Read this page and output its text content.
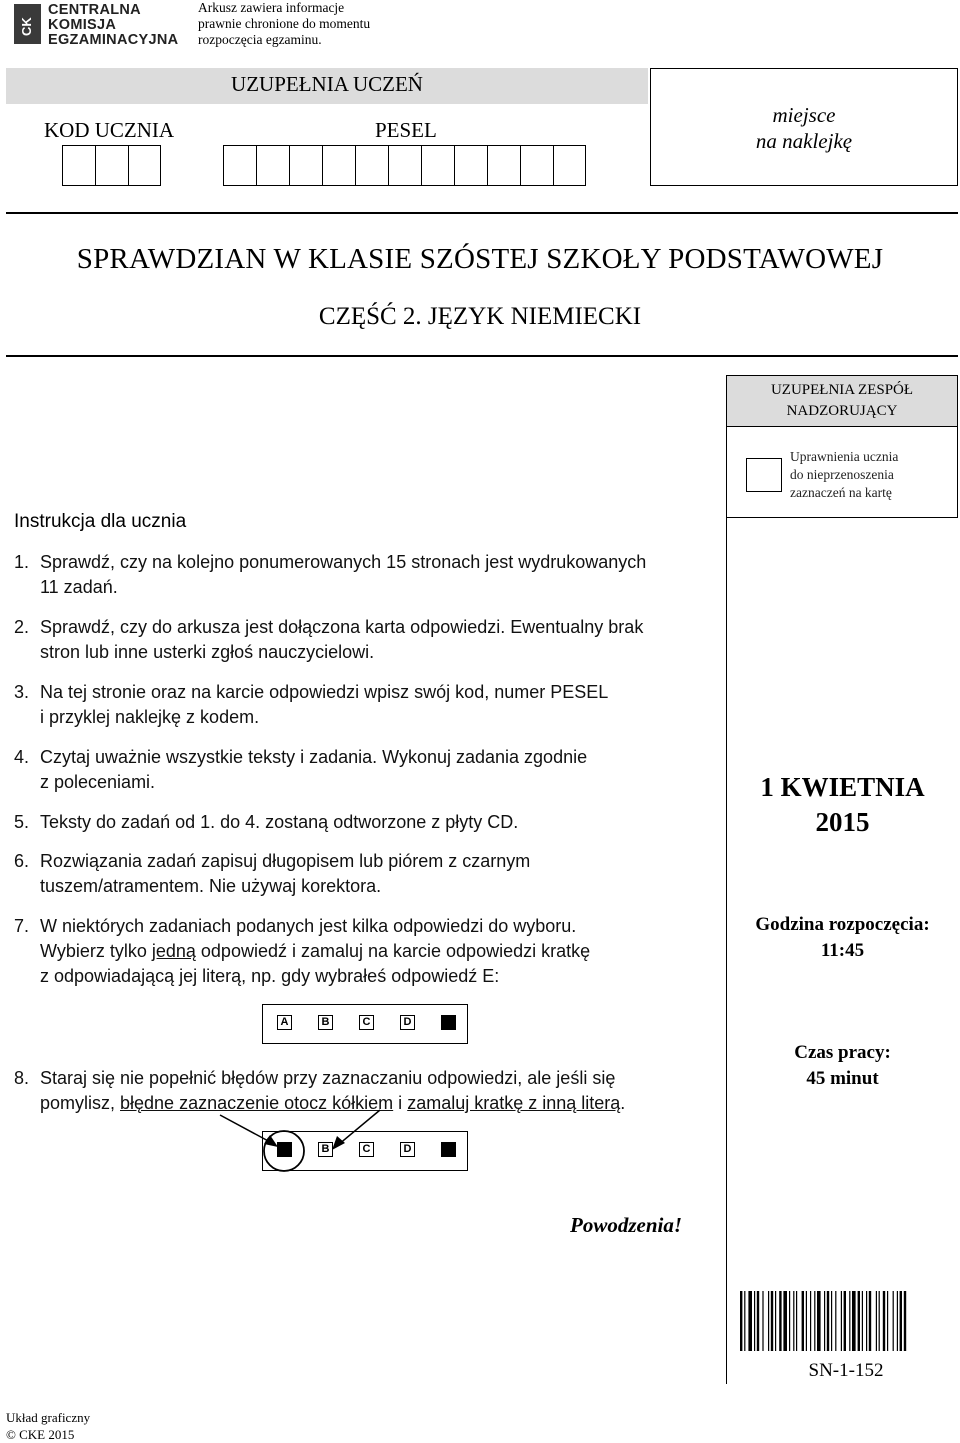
CK
CENTRALNA
KOMISJA
EGZAMINACYJNA
Arkusz zawiera informacje
prawnie chronione do momentu
rozpoczęcia egzaminu.
UZUPEŁNIA UCZEŃ
KOD UCZNIA	PESEL
miejsce
na naklejkę
SPRAWDZIAN W KLASIE SZÓSTEJ SZKOŁY PODSTAWOWEJ
CZĘŚĆ 2. JĘZYK NIEMIECKI
UZUPEŁNIA ZESPÓŁ
NADZORUJĄCY
Uprawnienia ucznia
do nieprzenoszenia
zaznaczeń na kartę
Instrukcja dla ucznia
1. Sprawdź, czy na kolejno ponumerowanych 15 stronach jest wydrukowanych
11 zadań.
2. Sprawdź, czy do arkusza jest dołączona karta odpowiedzi. Ewentualny brak
stron lub inne usterki zgłoś nauczycielowi.
3. Na tej stronie oraz na karcie odpowiedzi wpisz swój kod, numer PESEL
i przyklej naklejkę z kodem.
4. Czytaj uważnie wszystkie teksty i zadania. Wykonuj zadania zgodnie
z poleceniami.
5. Teksty do zadań od 1. do 4. zostaną odtworzone z płyty CD.
6. Rozwiązania zadań zapisuj długopisem lub piórem z czarnym
tuszem/atramentem. Nie używaj korektora.
7. W niektórych zadaniach podanych jest kilka odpowiedzi do wyboru.
Wybierz tylko jedną odpowiedź i zamaluj na karcie odpowiedzi kratkę
z odpowiadającą jej literą, np. gdy wybrałeś odpowiedź E:
A	B	C	D
8. Staraj się nie popełnić błędów przy zaznaczaniu odpowiedzi, ale jeśli się
pomylisz, błędne zaznaczenie otocz kółkiem i zamaluj kratkę z inną literą.
B	C	D
1 KWIETNIA
2015
Godzina rozpoczęcia:
11:45
Czas pracy:
45 minut
Powodzenia!
SN-1-152
Układ graficzny
© CKE 2015
